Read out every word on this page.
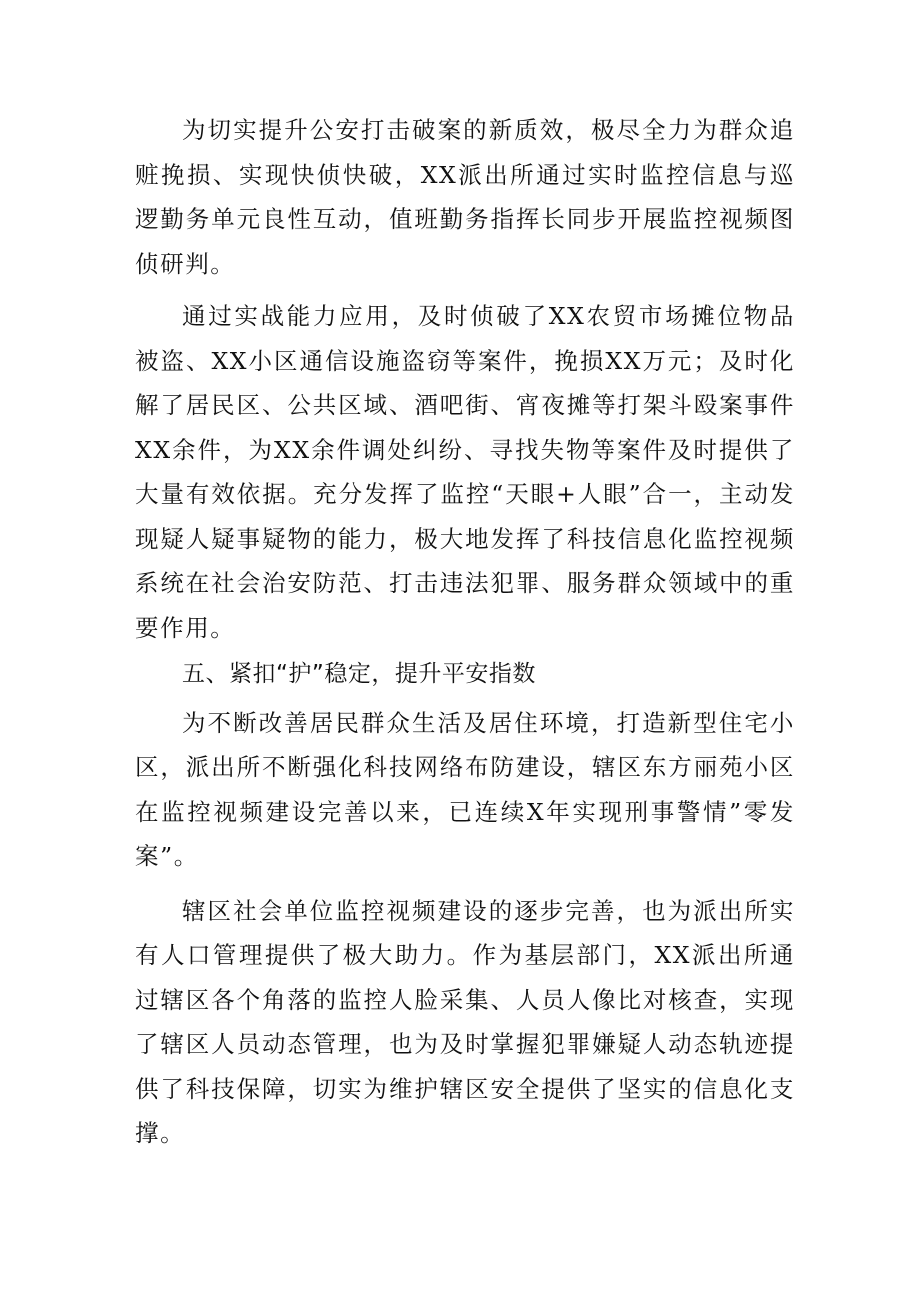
为切实提升公安打击破案的新质效，极尽全力为群众追赃挽损、实现快侦快破，XX派出所通过实时监控信息与巡逻勤务单元良性互动，值班勤务指挥长同步开展监控视频图侦研判。

通过实战能力应用，及时侦破了XX农贸市场摊位物品被盗、XX小区通信设施盗窃等案件，挽损XX万元；及时化解了居民区、公共区域、酒吧街、宵夜摊等打架斗殴案事件XX余件，为XX余件调处纠纷、寻找失物等案件及时提供了大量有效依据。充分发挥了监控“天眼+人眼”合一，主动发现疑人疑事疑物的能力，极大地发挥了科技信息化监控视频系统在社会治安防范、打击违法犯罪、服务群众领域中的重要作用。

五、紧扣“护”稳定，提升平安指数

为不断改善居民群众生活及居住环境，打造新型住宅小区，派出所不断强化科技网络布防建设，辖区东方丽苑小区在监控视频建设完善以来，已连续X年实现刑事警情”零发案”。

辖区社会单位监控视频建设的逐步完善，也为派出所实有人口管理提供了极大助力。作为基层部门，XX派出所通过辖区各个角落的监控人脸采集、人员人像比对核查，实现了辖区人员动态管理，也为及时掌握犯罪嫌疑人动态轨迹提供了科技保障，切实为维护辖区安全提供了坚实的信息化支撑。
